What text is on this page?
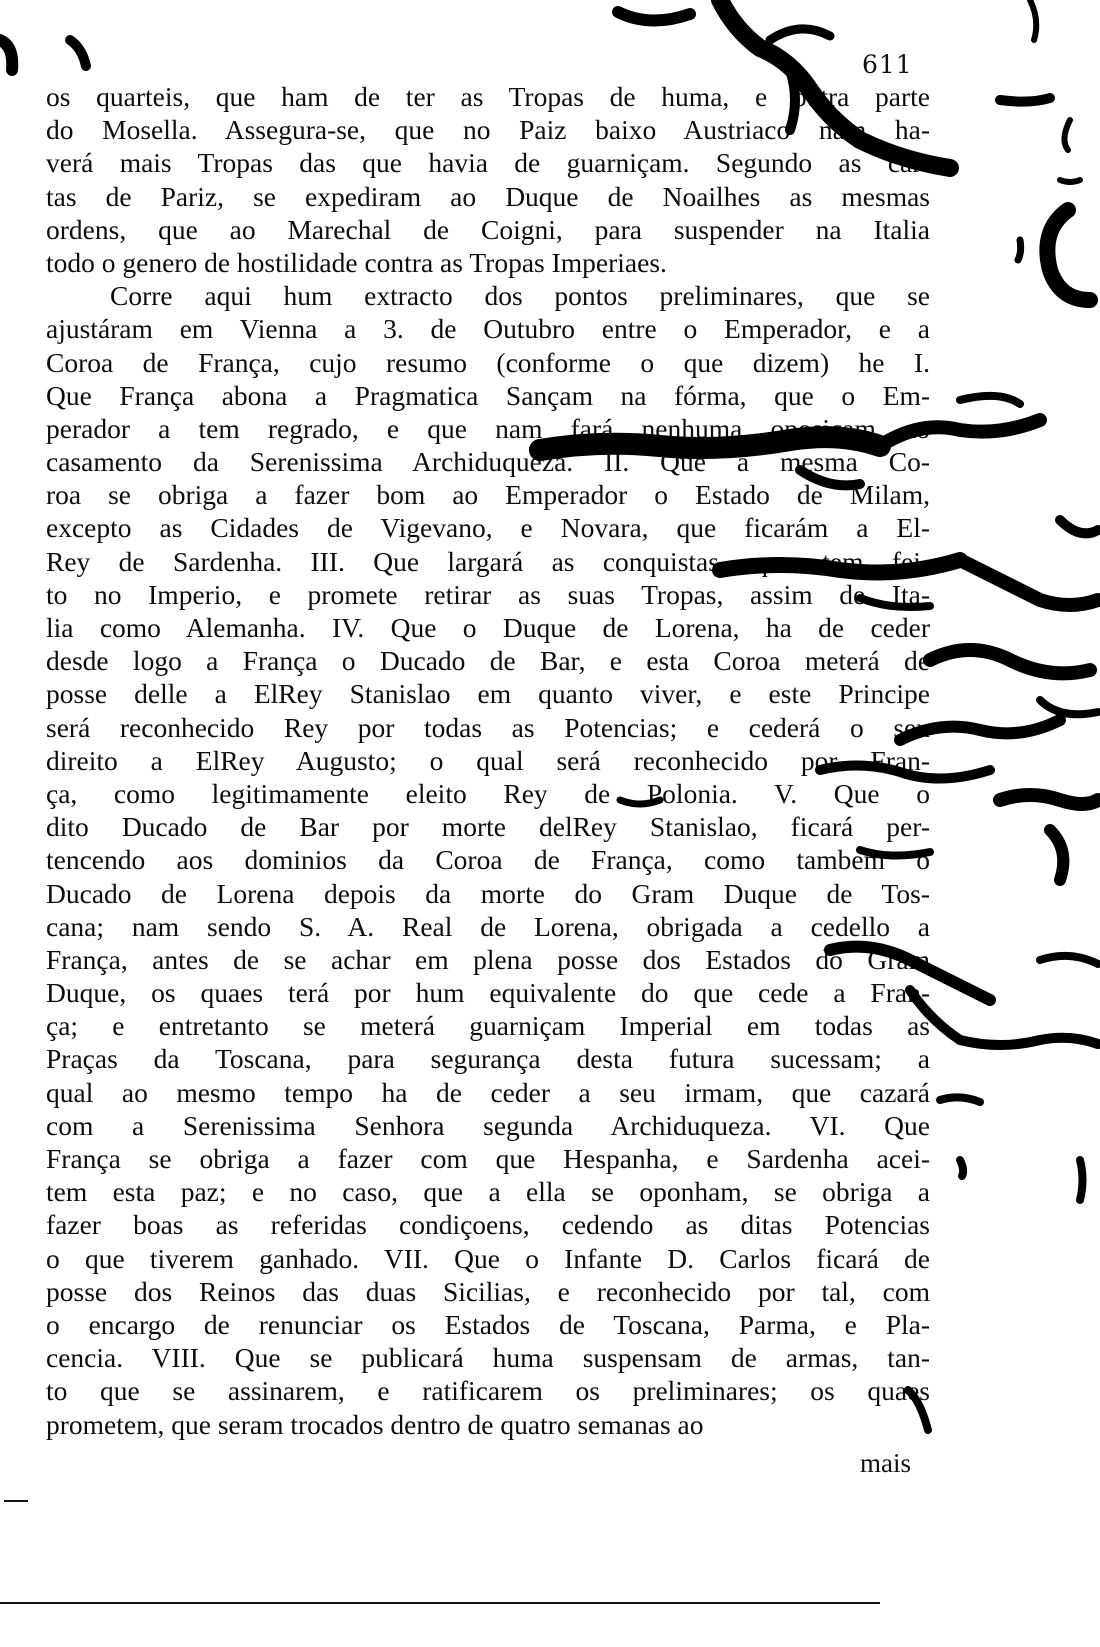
611
os quarteis, que ham de ter as Tropas de huma, e outra parte
do Mosella. Assegura-se, que no Paiz baixo Austriaco nam ha-
verá mais Tropas das que havia de guarniçam. Segundo as car-
tas de Pariz, se expediram ao Duque de Noailhes as mesmas
ordens, que ao Marechal de Coigni, para suspender na Italia
todo o genero de hostilidade contra as Tropas Imperiaes.
Corre aqui hum extracto dos pontos preliminares, que se
ajustáram em Vienna a 3. de Outubro entre o Emperador, e a
Coroa de França, cujo resumo (conforme o que dizem) he I.
Que França abona a Pragmatica Sançam na fórma, que o Em-
perador a tem regrado, e que nam fará nenhuma oposiçam ao
casamento da Serenissima Archiduqueza. II. Que a mesma Co-
roa se obriga a fazer bom ao Emperador o Estado de Milam,
excepto as Cidades de Vigevano, e Novara, que ficarám a El-
Rey de Sardenha. III. Que largará as conquistas, que tem fei-
to no Imperio, e promete retirar as suas Tropas, assim de Ita-
lia como Alemanha. IV. Que o Duque de Lorena, ha de ceder
desde logo a França o Ducado de Bar, e esta Coroa meterá de
posse delle a ElRey Stanislao em quanto viver, e este Principe
será reconhecido Rey por todas as Potencias; e cederá o seu
direito a ElRey Augusto; o qual será reconhecido por Fran-
ça, como legitimamente eleito Rey de Polonia. V. Que o
dito Ducado de Bar por morte delRey Stanislao, ficará per-
tencendo aos dominios da Coroa de França, como tambem o
Ducado de Lorena depois da morte do Gram Duque de Tos-
cana; nam sendo S. A. Real de Lorena, obrigada a cedello a
França, antes de se achar em plena posse dos Estados do Gram
Duque, os quaes terá por hum equivalente do que cede a Fran-
ça; e entretanto se meterá guarniçam Imperial em todas as
Praças da Toscana, para segurança desta futura sucessam; a
qual ao mesmo tempo ha de ceder a seu irmam, que cazará
com a Serenissima Senhora segunda Archiduqueza. VI. Que
França se obriga a fazer com que Hespanha, e Sardenha acei-
tem esta paz; e no caso, que a ella se oponham, se obriga a
fazer boas as referidas condiçoens, cedendo as ditas Potencias
o que tiverem ganhado. VII. Que o Infante D. Carlos ficará de
posse dos Reinos das duas Sicilias, e reconhecido por tal, com
o encargo de renunciar os Estados de Toscana, Parma, e Pla-
cencia. VIII. Que se publicará huma suspensam de armas, tan-
to que se assinarem, e ratificarem os preliminares; os quaes
prometem, que seram trocados dentro de quatro semanas ao
mais
